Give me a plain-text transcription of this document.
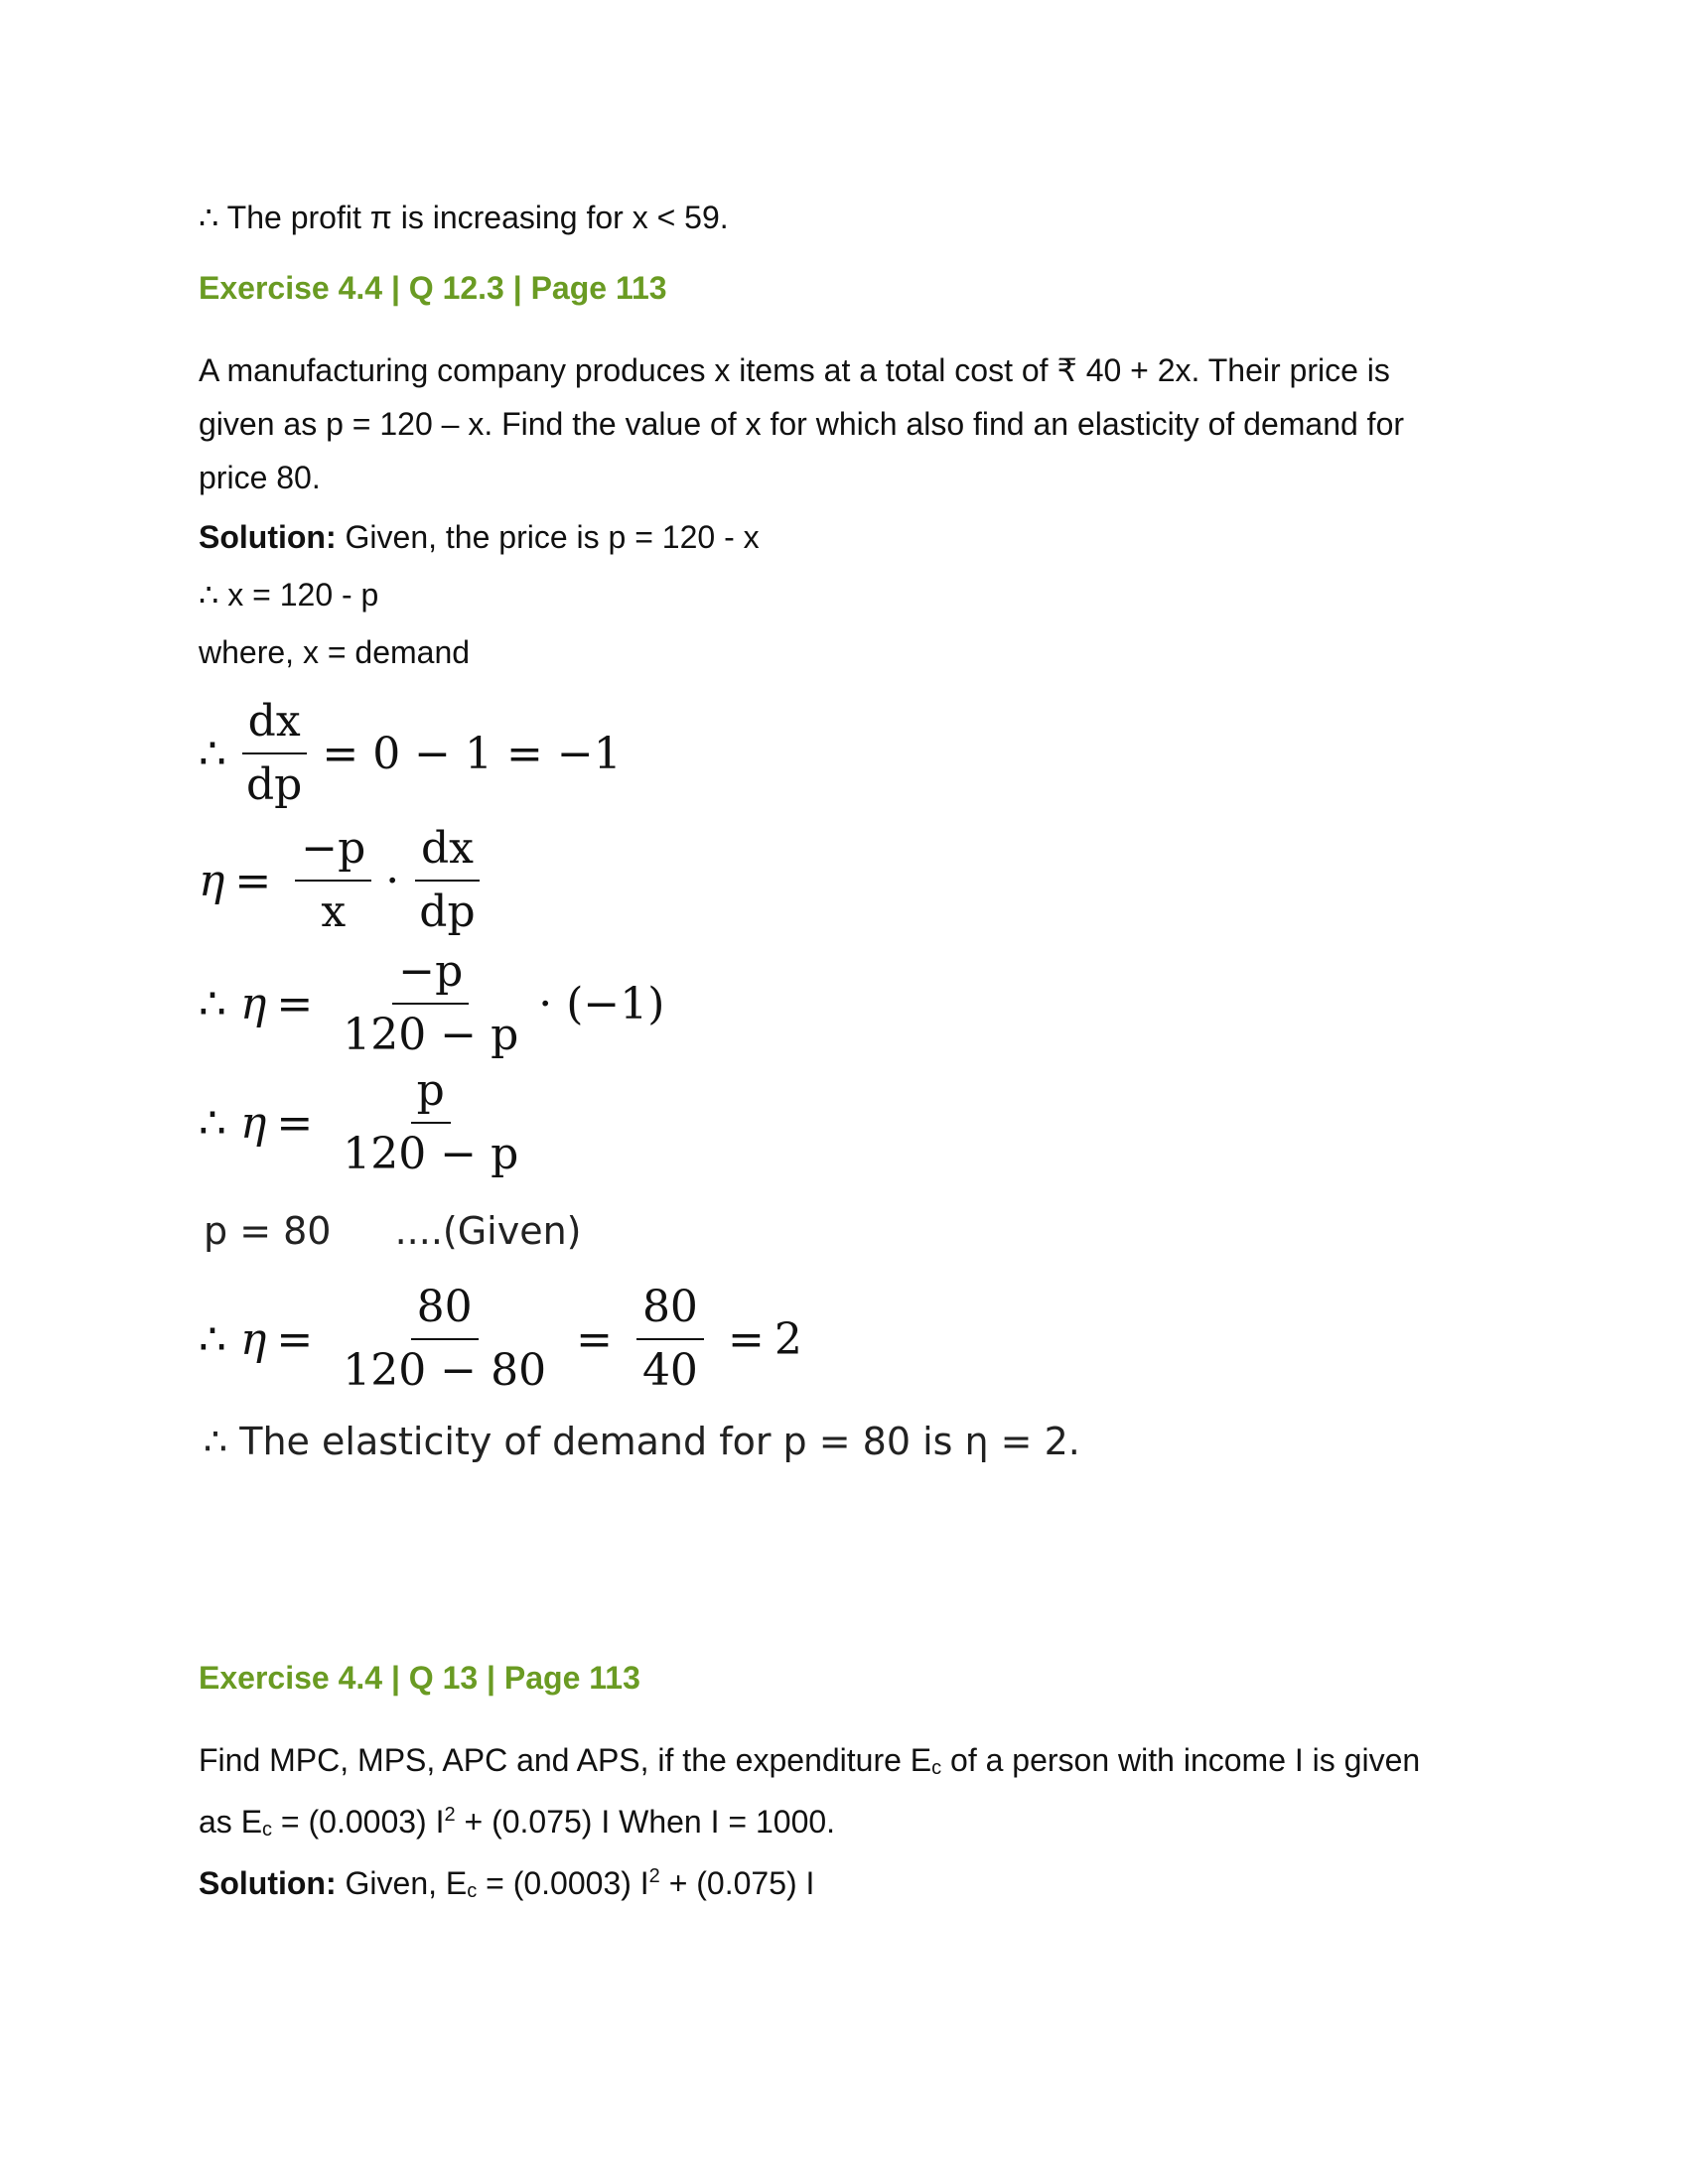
∴ The profit π is increasing for x < 59.
Exercise 4.4 | Q 12.3 | Page 113
A manufacturing company produces x items at a total cost of ₹ 40 + 2x. Their price is
given as p = 120 – x. Find the value of x for which also find an elasticity of demand for
price 80.
Solution: Given, the price is p = 120 - x
∴ x = 120 - p
where, x = demand
∴ $\frac{dx}{dp} = 0 - 1 = -1$
$\eta = \frac{-p}{x} \cdot \frac{dx}{dp}$
∴ $\eta = \frac{-p}{120 - p} \cdot (-1)$
∴ $\eta = \frac{p}{120 - p}$
p = 80 ....(Given)
∴ $\eta = \frac{80}{120 - 80} = \frac{80}{40} = 2$
∴ The elasticity of demand for p = 80 is η = 2.
Exercise 4.4 | Q 13 | Page 113
Find MPC, MPS, APC and APS, if the expenditure $E_c$ of a person with income I is given
as $E_c = (0.0003) I^2 + (0.075)$ I When I = 1000.
Solution: Given, $E_c = (0.0003) I^2 + (0.075)$ I
